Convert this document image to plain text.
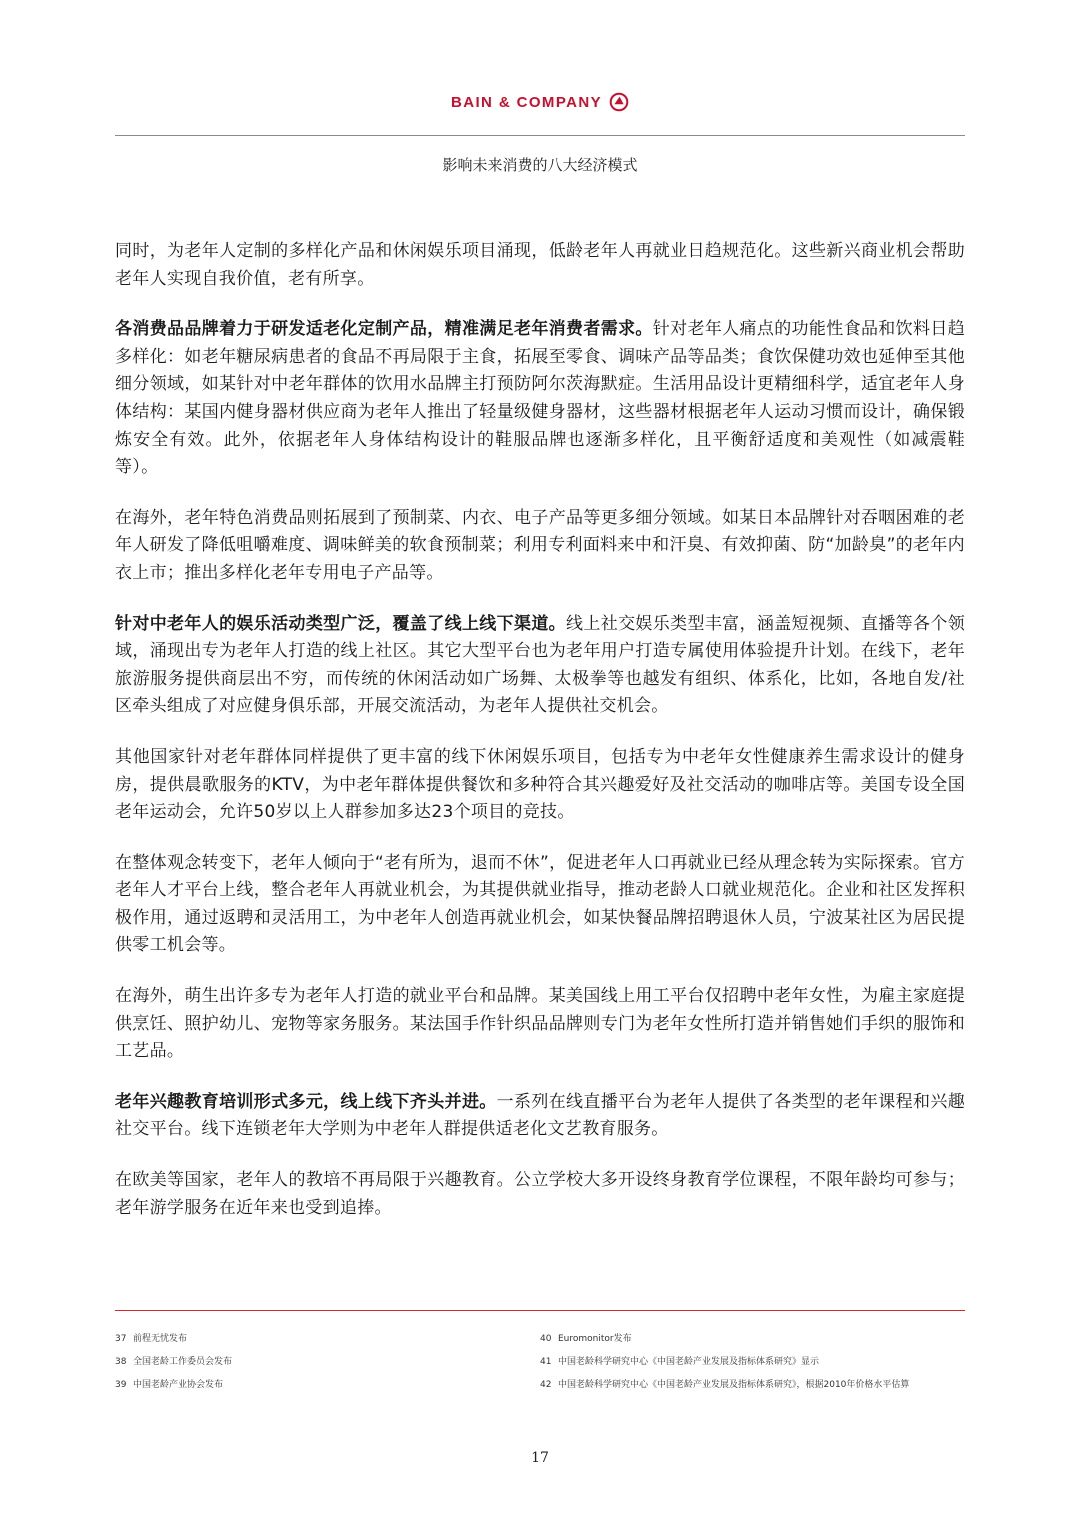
BAIN & COMPANY
影响未来消费的八大经济模式

同时，为老年人定制的多样化产品和休闲娱乐项目涌现，低龄老年人再就业日趋规范化。这些新兴商业机会帮助老年人实现自我价值，老有所享。

各消费品品牌着力于研发适老化定制产品，精准满足老年消费者需求。针对老年人痛点的功能性食品和饮料日趋多样化：如老年糖尿病患者的食品不再局限于主食，拓展至零食、调味产品等品类；食饮保健功效也延伸至其他细分领域，如某针对中老年群体的饮用水品牌主打预防阿尔茨海默症。生活用品设计更精细科学，适宜老年人身体结构：某国内健身器材供应商为老年人推出了轻量级健身器材，这些器材根据老年人运动习惯而设计，确保锻炼安全有效。此外，依据老年人身体结构设计的鞋服品牌也逐渐多样化，且平衡舒适度和美观性（如减震鞋等）。

在海外，老年特色消费品则拓展到了预制菜、内衣、电子产品等更多细分领域。如某日本品牌针对吞咽困难的老年人研发了降低咀嚼难度、调味鲜美的软食预制菜；利用专利面料来中和汗臭、有效抑菌、防“加龄臭”的老年内衣上市；推出多样化老年专用电子产品等。

针对中老年人的娱乐活动类型广泛，覆盖了线上线下渠道。线上社交娱乐类型丰富，涵盖短视频、直播等各个领域，涌现出专为老年人打造的线上社区。其它大型平台也为老年用户打造专属使用体验提升计划。在线下，老年旅游服务提供商层出不穷，而传统的休闲活动如广场舞、太极拳等也越发有组织、体系化，比如，各地自发/社区牵头组成了对应健身俱乐部，开展交流活动，为老年人提供社交机会。

其他国家针对老年群体同样提供了更丰富的线下休闲娱乐项目，包括专为中老年女性健康养生需求设计的健身房，提供晨歌服务的KTV，为中老年群体提供餐饮和多种符合其兴趣爱好及社交活动的咖啡店等。美国专设全国老年运动会，允许50岁以上人群参加多达23个项目的竞技。

在整体观念转变下，老年人倾向于“老有所为，退而不休”，促进老年人口再就业已经从理念转为实际探索。官方老年人才平台上线，整合老年人再就业机会，为其提供就业指导，推动老龄人口就业规范化。企业和社区发挥积极作用，通过返聘和灵活用工，为中老年人创造再就业机会，如某快餐品牌招聘退休人员，宁波某社区为居民提供零工机会等。

在海外，萌生出许多专为老年人打造的就业平台和品牌。某美国线上用工平台仅招聘中老年女性，为雇主家庭提供烹饪、照护幼儿、宠物等家务服务。某法国手作针织品品牌则专门为老年女性所打造并销售她们手织的服饰和工艺品。

老年兴趣教育培训形式多元，线上线下齐头并进。一系列在线直播平台为老年人提供了各类型的老年课程和兴趣社交平台。线下连锁老年大学则为中老年人群提供适老化文艺教育服务。

在欧美等国家，老年人的教培不再局限于兴趣教育。公立学校大多开设终身教育学位课程，不限年龄均可参与；老年游学服务在近年来也受到追捧。

37 前程无忧发布
38 全国老龄工作委员会发布
39 中国老龄产业协会发布
40 Euromonitor发布
41 中国老龄科学研究中心《中国老龄产业发展及指标体系研究》显示
42 中国老龄科学研究中心《中国老龄产业发展及指标体系研究》，根据2010年价格水平估算
17
